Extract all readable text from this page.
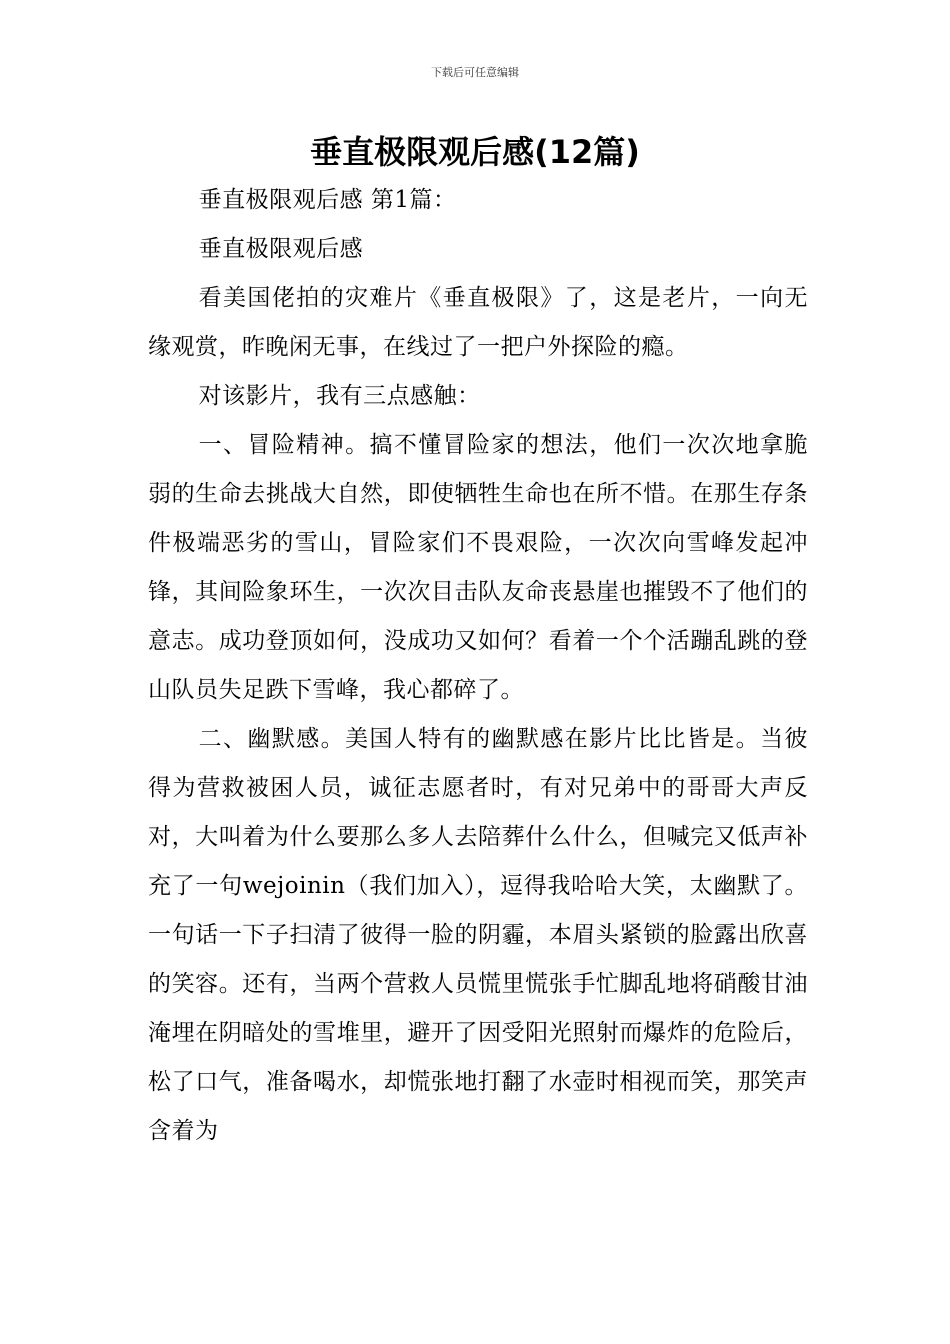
下载后可任意编辑
垂直极限观后感(12篇)

垂直极限观后感 第1篇：

垂直极限观后感

看美国佬拍的灾难片《垂直极限》了，这是老片，一向无缘观赏，昨晚闲无事，在线过了一把户外探险的瘾。

对该影片，我有三点感触：

一、冒险精神。搞不懂冒险家的想法，他们一次次地拿脆弱的生命去挑战大自然，即使牺牲生命也在所不惜。在那生存条件极端恶劣的雪山，冒险家们不畏艰险，一次次向雪峰发起冲锋，其间险象环生，一次次目击队友命丧悬崖也摧毁不了他们的意志。成功登顶如何，没成功又如何？看着一个个活蹦乱跳的登山队员失足跌下雪峰，我心都碎了。

二、幽默感。美国人特有的幽默感在影片比比皆是。当彼得为营救被困人员，诚征志愿者时，有对兄弟中的哥哥大声反对，大叫着为什么要那么多人去陪葬什么什么，但喊完又低声补充了一句wejoinin（我们加入），逗得我哈哈大笑，太幽默了。一句话一下子扫清了彼得一脸的阴霾，本眉头紧锁的脸露出欣喜的笑容。还有，当两个营救人员慌里慌张手忙脚乱地将硝酸甘油淹埋在阴暗处的雪堆里，避开了因受阳光照射而爆炸的危险后，松了口气，准备喝水，却慌张地打翻了水壶时相视而笑，那笑声含着为
